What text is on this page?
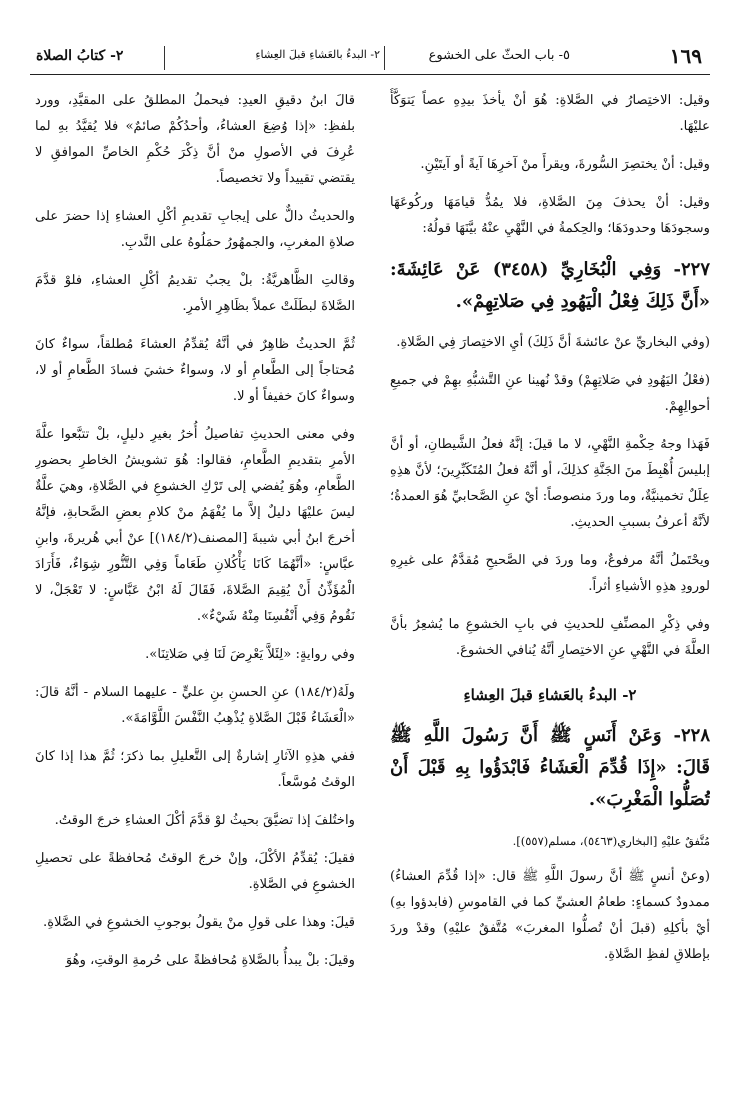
١٦٩
٥- باب الحثّ على الخشوع
٢- البدءُ بالعَشاءِ قبلَ العِشاءِ
٢- كتابُ الصلاة

وقيل: الاختِصارُ في الصَّلاةِ: هُوَ أنْ يأخذَ بيدِهِ عصاً يَتوَكَّأُ عليْهَا.

وقيل: أنْ يختصِرَ السُّورةَ، ويقرأَ منْ آخرِهَا آيةً أو آيتَيْنِ.

وقيل: أنْ يحذفَ مِنَ الصَّلاةِ، فلا يمُدُّ قيامَهَا وركُوعَهَا وسجودَهَا وحدودَهَا؛ والحِكمةُ في النَّهْيِ عنْهُ بيَّنَهَا قولُهُ:

٢٢٧- وَفِي الْبُخَارِيِّ (٣٤٥٨) عَنْ عَائِشَةَ: «أَنَّ ذَلِكَ فِعْلُ الْيَهُودِ فِي صَلاتِهِمْ».

(وفي البخاريِّ عنْ عائشةَ أنَّ ذَلِكَ) أيِ الاختِصارَ فِي الصَّلاةِ.

(فعْلُ اليَهُودِ في صَلاتِهِمْ) وقدْ نُهينا عنِ التَّشبُّهِ بهِمْ في جميعِ أحوالِهِمْ.

فَهَذا وجهُ حِكْمةِ النَّهْيِ، لا ما قيلَ: إنَّهُ فعلُ الشَّيطانِ، أو أنَّ إبليسَ أُهْبِطَ منَ الجَنَّةِ كذلِكَ، أو أنَّهُ فعلُ المُتَكَبِّرِينَ؛ لأنَّ هذِهِ عِلَلٌ تخمينيَّةٌ، وما وردَ منصوصاً: أيْ عنِ الصَّحابيِّ هُوَ العمدةُ؛ لأنَّهُ أعرفُ بسببِ الحديثِ.

ويحْتَملُ أنَّهُ مرفوعٌ، وما وردَ في الصَّحيحِ مُقدَّمٌ على غيرِهِ لورودِ هذِهِ الأشياءِ أثراً.

وفي ذِكْرِ المصنِّفِ للحديثِ في بابِ الخشوعِ ما يُشعِرُ بأنَّ العلَّةَ في النَّهْيِ عنِ الاختِصارِ أنَّهُ يُنافي الخشوعَ.

٢- البدءُ بالعَشاءِ قبلَ العِشاءِ

٢٢٨- وَعَنْ أَنَسٍ ﷺ أَنَّ رَسُولَ اللَّهِ ﷺ قَالَ: «إِذَا قُدِّمَ الْعَشَاءُ فَابْدَؤُوا بِهِ قَبْلَ أَنْ تُصَلُّوا الْمَغْرِبَ».

مُتَّفقٌ عليْهِ [البخاري(٥٤٦٣)، مسلم(٥٥٧)].

(وعنْ أنسٍ ﷺ أنَّ رسولَ اللَّهِ ﷺ قال: «إذا قُدِّمَ العشاءُ) ممدودٌ كسماءٍ: طعامُ العشيِّ كما في القاموسِ (فابدؤوا بهِ) أيْ بأكلِهِ (قبلَ أنْ تُصلُّوا المغربَ» مُتَّفقٌ عليْهِ) وقدْ وردَ بإطلاقِ لفظِ الصَّلاةِ.

قالَ ابنُ دقيقِ العيدِ: فيحملُ المطلقُ على المقيَّدِ، وورد بلفظِ: «إذا وُضِعَ العشاءُ، وأحدُكُمْ صائمٌ» فلا يُقيَّدُ بهِ لما عُرِفَ في الأصولِ منْ أنَّ ذِكْرَ حُكْمِ الخاصِّ الموافقِ لا يقتضي تقييداً ولا تخصيصاً.

والحديثُ دالٌّ على إيجابِ تقديمِ أكْلِ العشاءِ إذا حضرَ على صلاةِ المغربِ، والجمهُورُ حمَلُوهُ على النَّدبِ.

وقالتِ الظَّاهريَّةُ: بلْ يجبُ تقديمُ أكْلِ العشاءِ، فلوْ قدَّمَ الصَّلاةَ لبطَلَتْ عملاً بظَاهِرِ الأمرِ.

ثُمَّ الحديثُ ظاهِرٌ في أنَّهُ يُقدِّمُ العشاءَ مُطلقاً، سواءٌ كانَ مُحتاجاً إلى الطَّعامِ أو لا، وسواءٌ خشيَ فسادَ الطَّعامِ أو لا، وسواءٌ كانَ خفيفاً أو لا.

وفي معنى الحديثِ تفاصيلُ أُخرُ بغيرِ دليلٍ، بلْ تتبَّعوا علَّةَ الأمرِ بتقديمِ الطَّعامِ، فقالوا: هُوَ تشويشُ الخاطرِ بحضورِ الطَّعامِ، وهُوَ يُفضي إلى تَرْكِ الخشوعِ في الصَّلاةِ، وهيَ علَّةٌ ليسَ عليْهَا دليلٌ إلاَّ ما يُفْهَمُ منْ كلامِ بعضِ الصَّحابةِ، فإنَّهُ أخرجَ ابنُ أبي شيبةَ [المصنف(١٨٤/٢)] عنْ أبي هُريرةَ، وابنِ عبَّاسٍ: «أنَّهُمَا كَانَا يَأْكُلانِ طَعَاماً وَفِي التَّنُّورِ شِوَاءٌ، فَأَرَادَ الْمُؤَذِّنُ أَنْ يُقِيمَ الصَّلاةَ، فَقَالَ لَهُ ابْنُ عَبَّاسٍ: لا تَعْجَلْ، لا نَقُومُ وَفِي أَنْفُسِنَا مِنْهُ شَيْءٌ».

وفي روايةٍ: «لِئَلاَّ يَعْرِضَ لَنَا فِي صَلاتِنَا».

ولَهُ(١٨٤/٢) عنِ الحسنِ بنِ عليٍّ - عليهما السلام - أنَّهُ قالَ: «الْعَشَاءُ قَبْلَ الصَّلاةِ يُذْهِبُ النَّفْسَ اللَّوَّامَةَ».

ففي هذِهِ الآثارِ إشارةٌ إلى التَّعليلِ بما ذكرَ؛ ثُمَّ هذا إذا كانَ الوقتُ مُوسَّعاً.

واختُلفَ إذا تضيَّقَ بحيثُ لوْ قدَّمَ أكْلَ العشاءِ خرجَ الوقتُ.

فقيلَ: يُقدِّمُ الأكْلَ، وإنْ خرجَ الوقتُ مُحافظةً على تحصيلِ الخشوعِ في الصَّلاةِ.

قيلَ: وهذا على قولِ منْ يقولُ بوجوبِ الخشوعِ في الصَّلاةِ.

وقيلَ: بلْ يبدأُ بالصَّلاةِ مُحافظةً على حُرمةِ الوقتِ، وهُوَ
